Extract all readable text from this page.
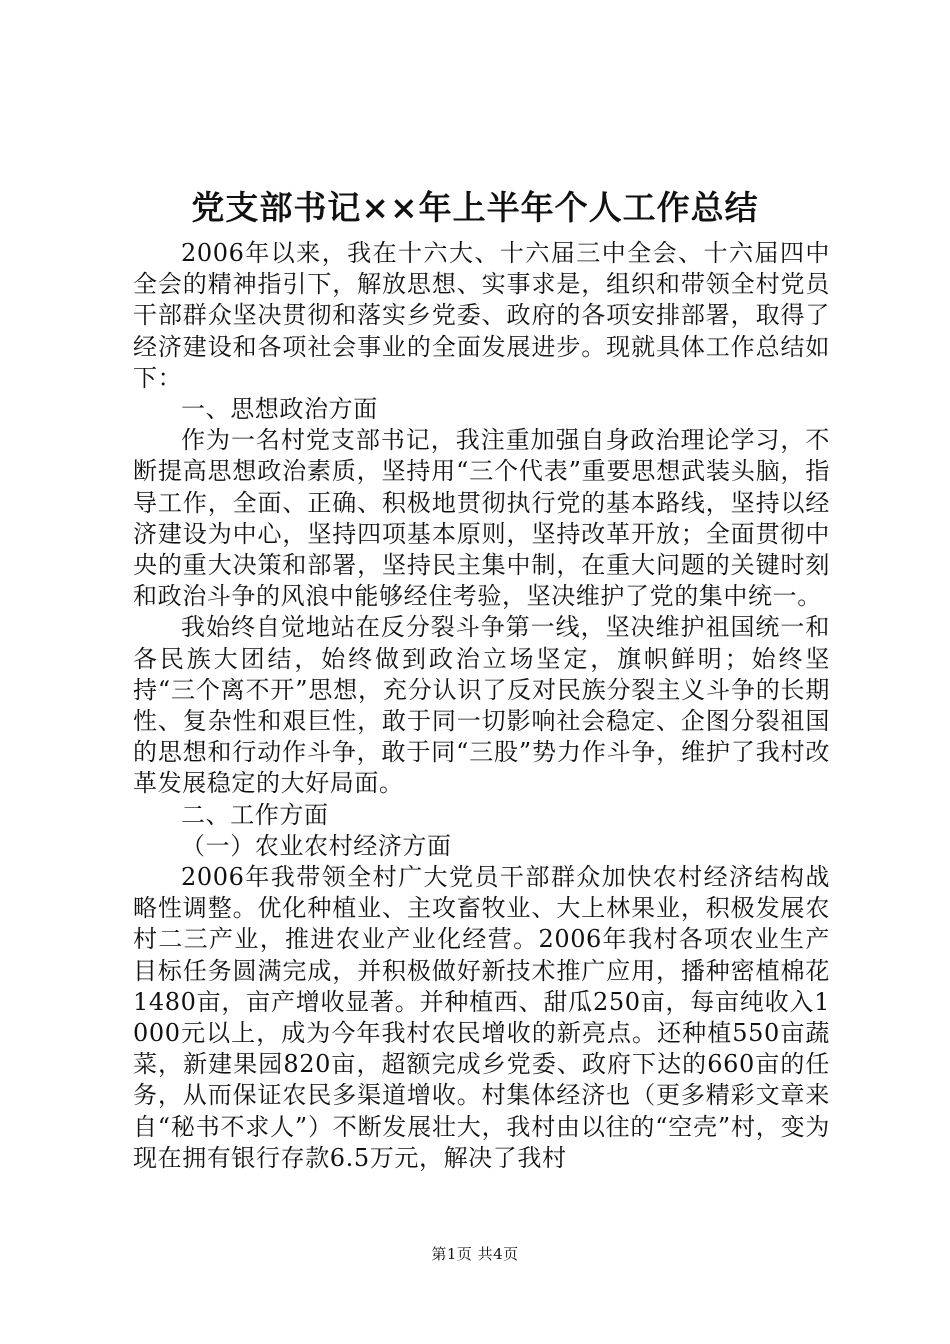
党支部书记××年上半年个人工作总结

2006年以来，我在十六大、十六届三中全会、十六届四中全会的精神指引下，解放思想、实事求是，组织和带领全村党员干部群众坚决贯彻和落实乡党委、政府的各项安排部署，取得了经济建设和各项社会事业的全面发展进步。现就具体工作总结如下：

一、思想政治方面

作为一名村党支部书记，我注重加强自身政治理论学习，不断提高思想政治素质，坚持用“三个代表”重要思想武装头脑，指导工作，全面、正确、积极地贯彻执行党的基本路线，坚持以经济建设为中心，坚持四项基本原则，坚持改革开放；全面贯彻中央的重大决策和部署，坚持民主集中制，在重大问题的关键时刻和政治斗争的风浪中能够经住考验，坚决维护了党的集中统一。

我始终自觉地站在反分裂斗争第一线，坚决维护祖国统一和各民族大团结，始终做到政治立场坚定，旗帜鲜明；始终坚持“三个离不开”思想，充分认识了反对民族分裂主义斗争的长期性、复杂性和艰巨性，敢于同一切影响社会稳定、企图分裂祖国的思想和行动作斗争，敢于同“三股”势力作斗争，维护了我村改革发展稳定的大好局面。

二、工作方面

（一）农业农村经济方面

2006年我带领全村广大党员干部群众加快农村经济结构战略性调整。优化种植业、主攻畜牧业、大上林果业，积极发展农村二三产业，推进农业产业化经营。2006年我村各项农业生产目标任务圆满完成，并积极做好新技术推广应用，播种密植棉花1480亩，亩产增收显著。并种植西、甜瓜250亩，每亩纯收入1000元以上，成为今年我村农民增收的新亮点。还种植550亩蔬菜，新建果园820亩，超额完成乡党委、政府下达的660亩的任务，从而保证农民多渠道增收。村集体经济也（更多精彩文章来自“秘书不求人”）不断发展壮大，我村由以往的“空壳”村，变为现在拥有银行存款6.5万元，解决了我村

第1页 共4页
